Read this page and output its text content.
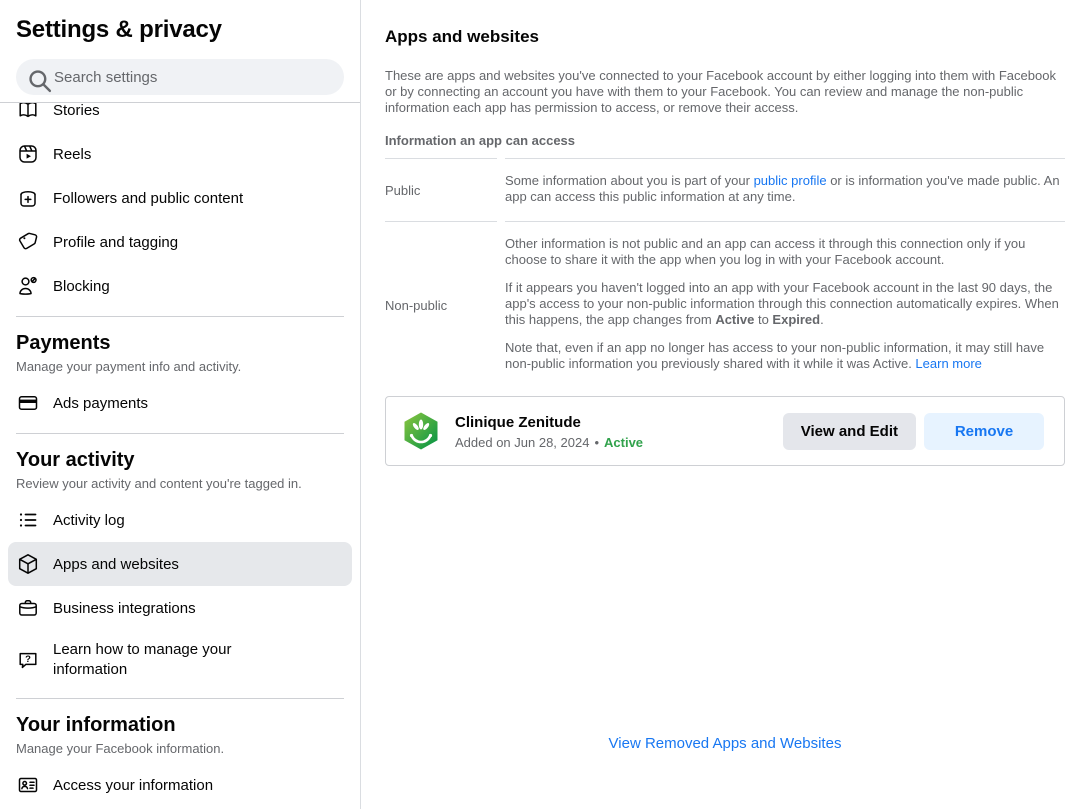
Settings & privacy
Search settings
Stories
Reels
Followers and public content
Profile and tagging
Blocking
Payments
Manage your payment info and activity.
Ads payments
Your activity
Review your activity and content you're tagged in.
Activity log
Apps and websites
Business integrations
?
Learn how to manage your information
Your information
Manage your Facebook information.
Access your information
Apps and websites
These are apps and websites you've connected to your Facebook account by either logging into them with Facebook or by connecting an account you have with them to your Facebook. You can review and manage the non-public information each app has permission to access, or remove their access.
Information an app can access
Public

Some information about you is part of your public profile or is information you've made public. An app can access this public information at any time.

Non-public

Other information is not public and an app can access it through this connection only if you choose to share it with the app when you log in with your Facebook account.

If it appears you haven't logged into an app with your Facebook account in the last 90 days, the app's access to your non-public information through this connection automatically expires. When this happens, the app changes from Active to Expired.

Note that, even if an app no longer has access to your non-public information, it may still have non-public information you previously shared with it while it was Active. Learn more

Clinique Zenitude
Added on Jun 28, 2024 • Active
View and Edit	Remove
View Removed Apps and Websites
